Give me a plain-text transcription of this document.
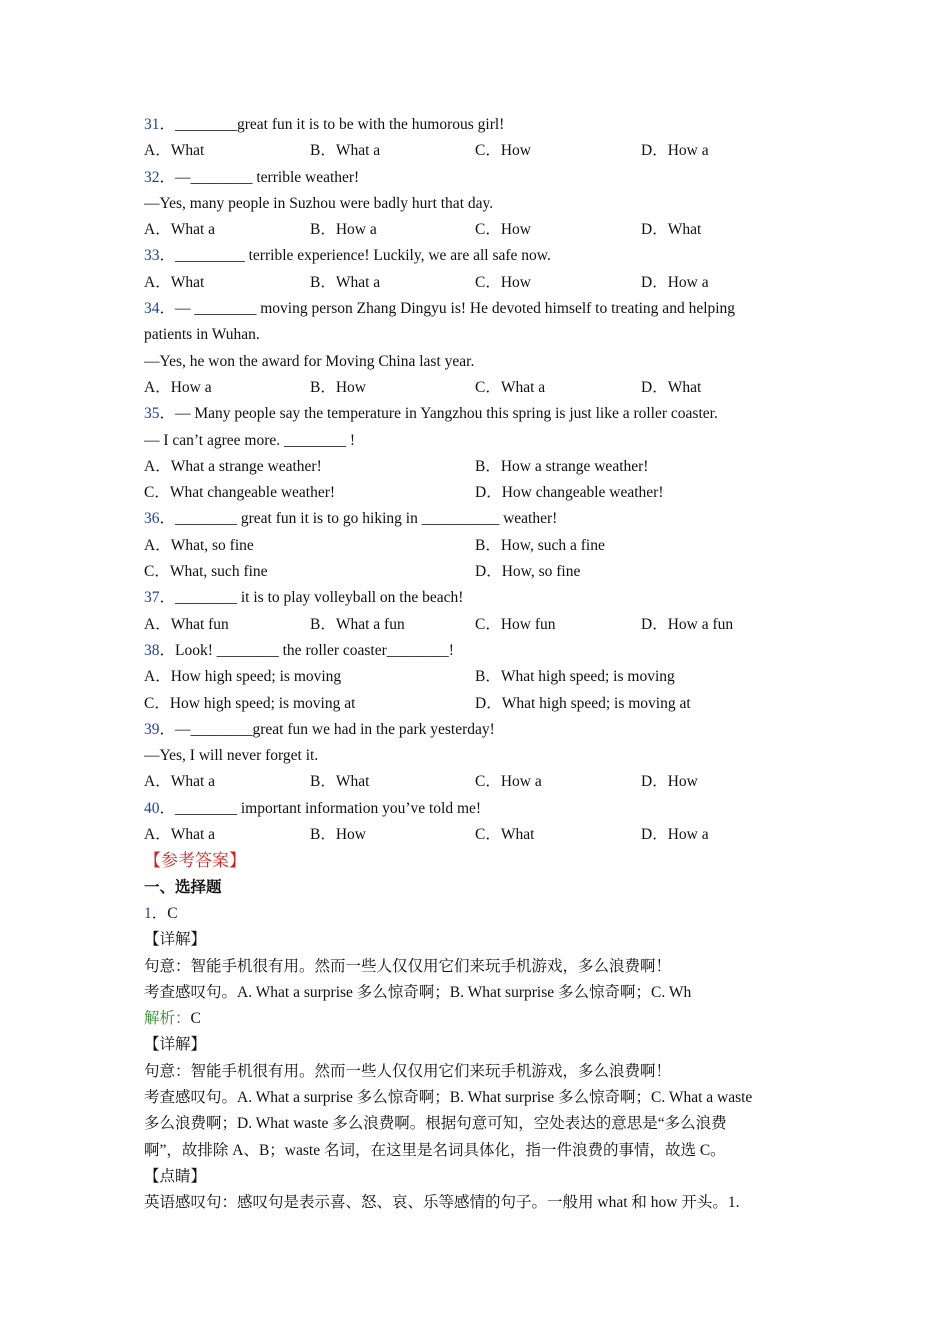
31．________great fun it is to be with the humorous girl!
A．What	B．What a	C．How	D．How a
32．—________ terrible weather!
—Yes, many people in Suzhou were badly hurt that day.
A．What a	B．How a	C．How	D．What
33．_________ terrible experience! Luckily, we are all safe now.
A．What	B．What a	C．How	D．How a
34．— ________ moving person Zhang Dingyu is! He devoted himself to treating and helping
patients in Wuhan.
—Yes, he won the award for Moving China last year.
A．How a	B．How	C．What a	D．What
35．— Many people say the temperature in Yangzhou this spring is just like a roller coaster.
— I can’t agree more. ________ !
A．What a strange weather!	B．How a strange weather!
C．What changeable weather!	D．How changeable weather!
36．________ great fun it is to go hiking in __________ weather!
A．What, so fine	B．How, such a fine
C．What, such fine	D．How, so fine
37．________ it is to play volleyball on the beach!
A．What fun	B．What a fun	C．How fun	D．How a fun
38．Look! ________ the roller coaster________!
A．How high speed; is moving	B．What high speed; is moving
C．How high speed; is moving at	D．What high speed; is moving at
39．—________great fun we had in the park yesterday!
—Yes, I will never forget it.
A．What a	B．What	C．How a	D．How
40．________ important information you’ve told me!
A．What a	B．How	C．What	D．How a
【参考答案】
一、选择题
1．C
【详解】
句意：智能手机很有用。然而一些人仅仅用它们来玩手机游戏，多么浪费啊！
考查感叹句。A. What a surprise 多么惊奇啊；B. What surprise 多么惊奇啊；C. Wh
解析：C
【详解】
句意：智能手机很有用。然而一些人仅仅用它们来玩手机游戏，多么浪费啊！
考查感叹句。A. What a surprise 多么惊奇啊；B. What surprise 多么惊奇啊；C. What a waste
多么浪费啊；D. What waste 多么浪费啊。根据句意可知，空处表达的意思是“多么浪费
啊”，故排除 A、B；waste 名词，在这里是名词具体化，指一件浪费的事情，故选 C。
【点睛】
英语感叹句：感叹句是表示喜、怒、哀、乐等感情的句子。一般用 what 和 how 开头。1.
